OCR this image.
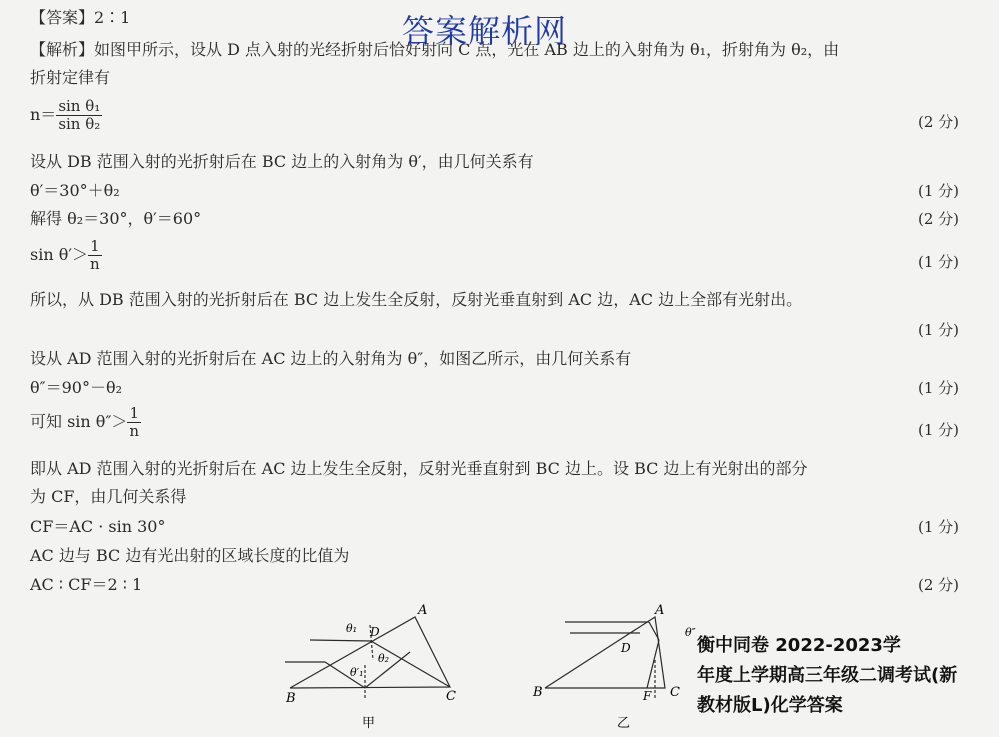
答案解析网
【答案】2∶1
【解析】如图甲所示，设从 D 点入射的光经折射后恰好射向 C 点，光在 AB 边上的入射角为 θ₁，折射角为 θ₂，由
折射定律有
$n= \frac{\text{sin θ₁}}{\text{sin θ₂}}$	(2 分)
设从 DB 范围入射的光折射后在 BC 边上的入射角为 θ′，由几何关系有
θ′＝30°＋θ₂	(1 分)
解得 θ₂＝30°，θ′＝60°	(2 分)
$\sin \theta'> \frac{1}{n}$	(1 分)
所以，从 DB 范围入射的光折射后在 BC 边上发生全反射，反射光垂直射到 AC 边，AC 边上全部有光射出。
(1 分)
设从 AD 范围入射的光折射后在 AC 边上的入射角为 θ″，如图乙所示，由几何关系有
θ″＝90°－θ₂	(1 分)
可知 $\sin \theta''> \frac{1}{n}$	(1 分)
即从 AD 范围入射的光折射后在 AC 边上发生全反射，反射光垂直射到 BC 边上。设 BC 边上有光射出的部分
为 CF，由几何关系得
CF＝AC · sin 30°	(1 分)
AC 边与 BC 边有光出射的区域长度的比值为
AC ∶ CF＝2 ∶ 1	(2 分)
A
B	C
D
θ₁
θ₂
θ′₁
甲
A
B	C
D
F
θ″
乙
衡中同卷 2022-2023学
年度上学期高三年级二调考试(新
教材版L)化学答案
